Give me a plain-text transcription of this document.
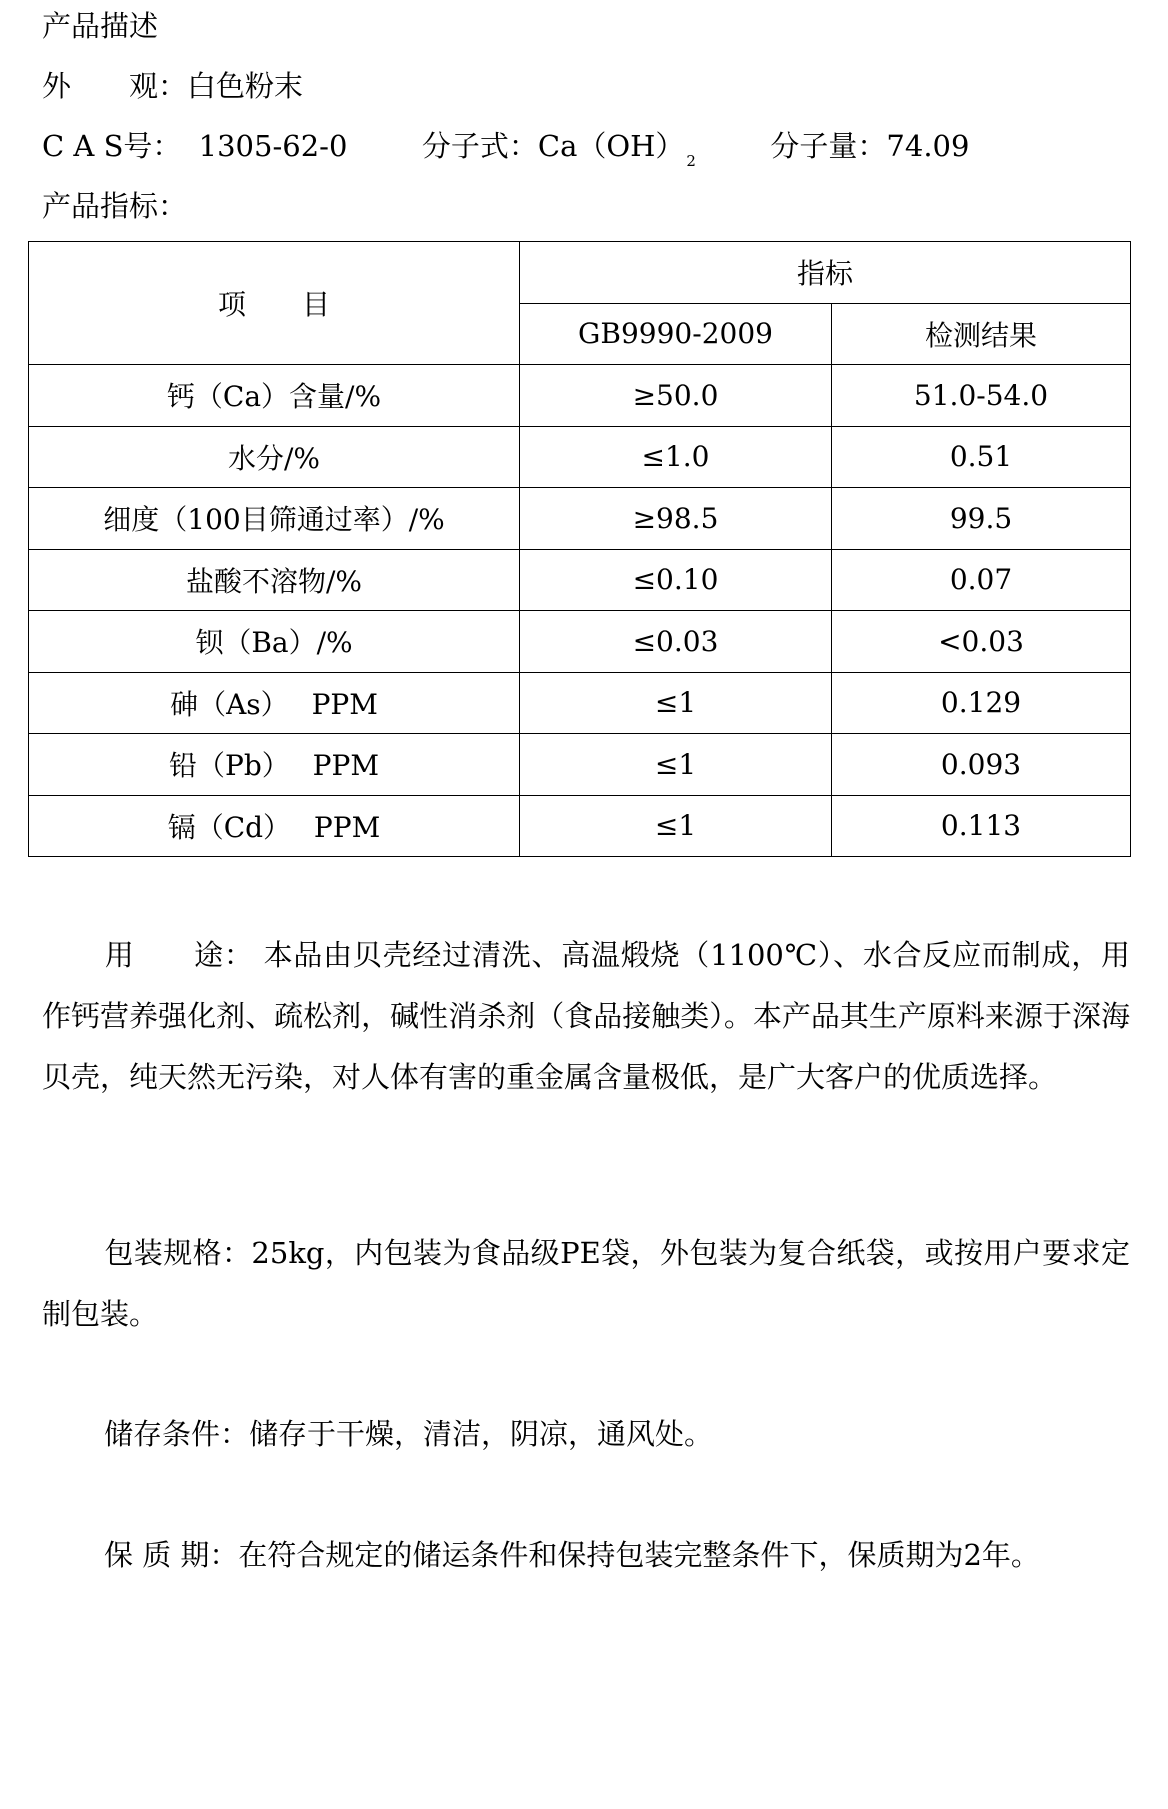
产品描述
外　　观：白色粉末
C A S号： 1305-62-0	分子式：Ca（OH） $_2$	分子量：74.09
产品指标：
项　　目	指标	
	GB9990-2009	检测结果
钙（Ca）含量/%	≥50.0	51.0-54.0
水分/%	≤1.0	0.51
细度（100目筛通过率）/%	≥98.5	99.5
盐酸不溶物/%	≤0.10	0.07
钡（Ba）/%	≤0.03	<0.03
砷（As）　 PPM	≤1	0.129
铅（Pb）　 PPM	≤1	0.093
镉（Cd）　 PPM	≤1	0.113
用　　途： 本品由贝壳经过清洗、高温煅烧（1100℃）、水合反应而制成，用作钙营养强化剂、疏松剂，碱性消杀剂（食品接触类）。本产品其生产原料来源于深海贝壳，纯天然无污染，对人体有害的重金属含量极低，是广大客户的优质选择。
包装规格：25kg，内包装为食品级PE袋，外包装为复合纸袋，或按用户要求定制包装。
储存条件：储存于干燥，清洁，阴凉，通风处。
保 质 期：在符合规定的储运条件和保持包装完整条件下，保质期为2年。
